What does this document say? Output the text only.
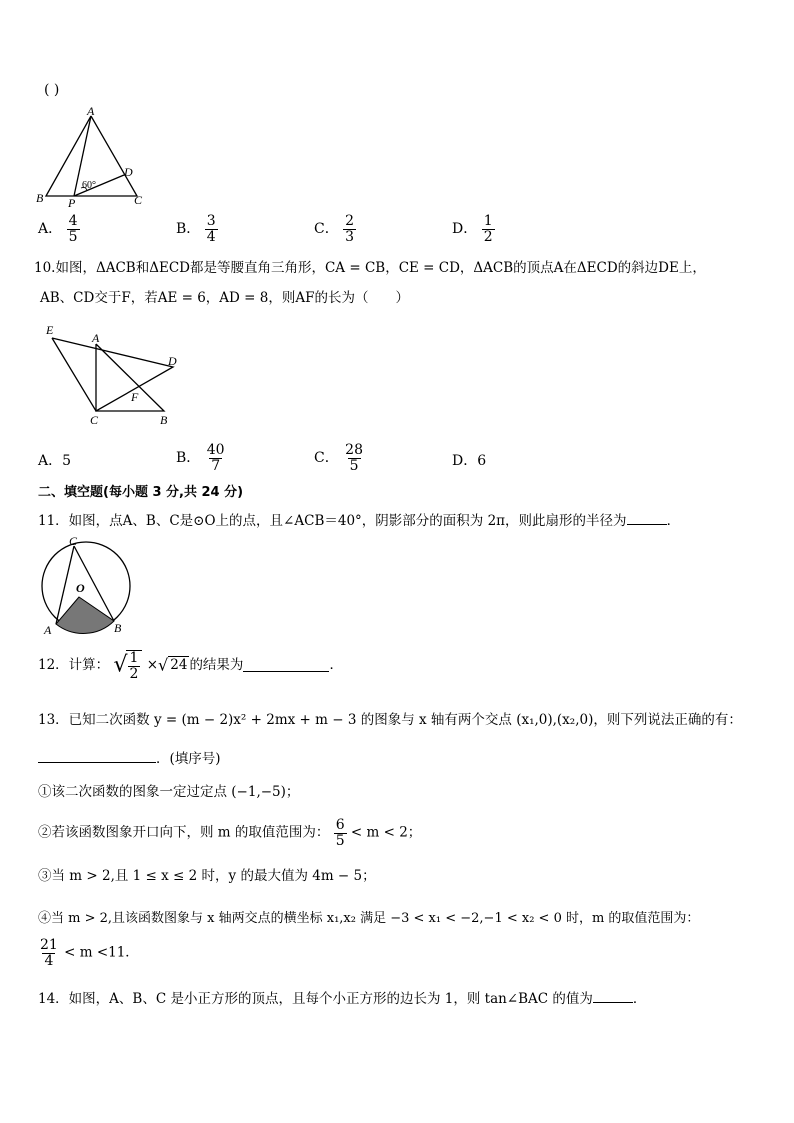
( )
A
B	C
D
P
60°
A． $\frac{4}{5}$	B． $\frac{3}{4}$	C． $\frac{2}{3}$	D． $\frac{1}{2}$
10.如图，ΔACB和ΔECD都是等腰直角三角形，CA = CB，CE = CD，ΔACB的顶点A在ΔECD的斜边DE上，
AB、CD交于F，若AE = 6，AD = 8，则AF的长为（　　）
E
A
D
F
C	B
A．5	B． $\frac{40}{7}$	C． $\frac{28}{5}$	D．6
二、填空题(每小题 3 分,共 24 分)
11．如图，点A、B、C是⊙O上的点，且∠ACB＝40°，阴影部分的面积为 2π，则此扇形的半径为	．
C
O
A	B
12．计算： √
$\frac{1}{2}$ ×√ 24 的结果为	．
13．已知二次函数 y = (m − 2)x² + 2mx + m − 3 的图象与 x 轴有两个交点 (x₁,0),(x₂,0)，则下列说法正确的有：
．(填序号)
①该二次函数的图象一定过定点 (−1,−5)；
②若该函数图象开口向下，则 m 的取值范围为： $\frac{6}{5} < m < 2$；
③当 m > 2,且 1 ≤ x ≤ 2 时，y 的最大值为 4m − 5；
④当 m > 2,且该函数图象与 x 轴两交点的横坐标 x₁,x₂ 满足 −3 < x₁ < −2,−1 < x₂ < 0 时，m 的取值范围为：
$\frac{21}{4} < m <11$．
14．如图，A、B、C 是小正方形的顶点，且每个小正方形的边长为 1，则 tan∠BAC 的值为	．
